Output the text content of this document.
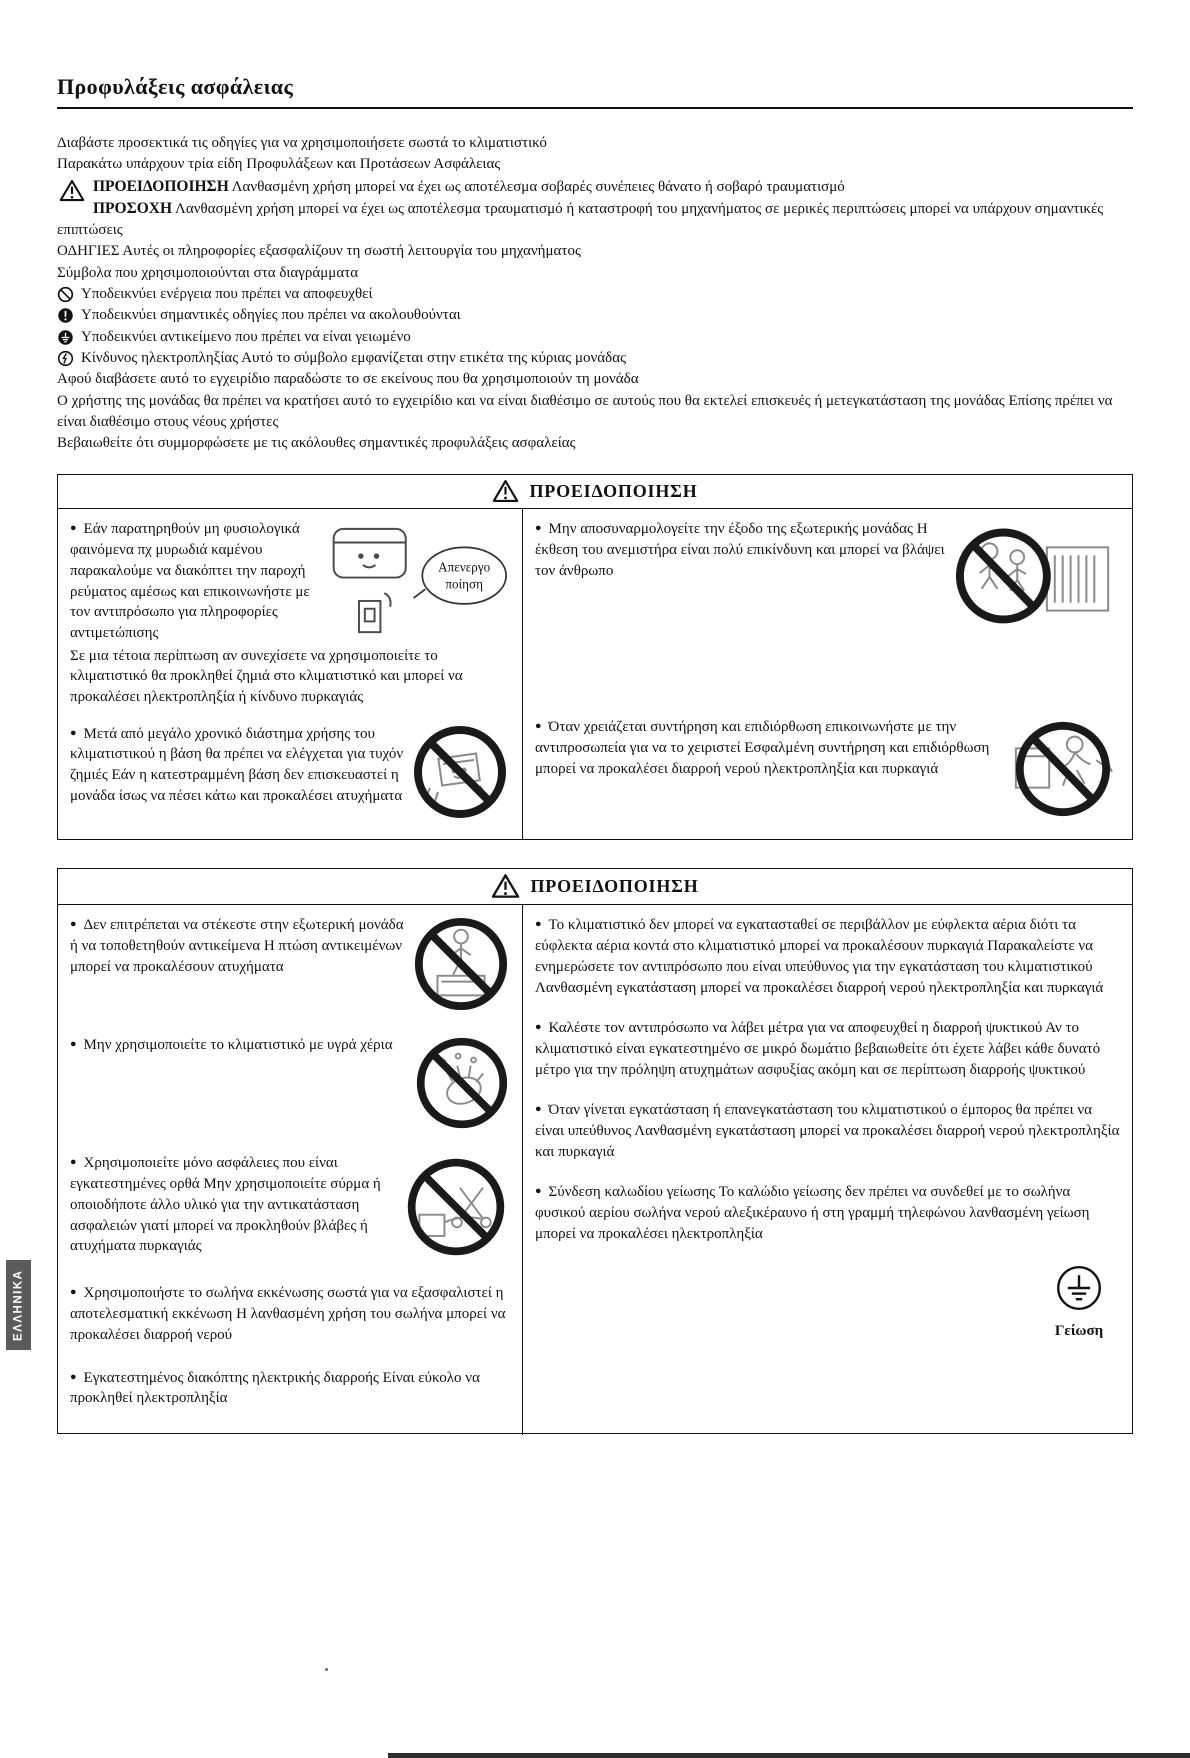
Προφυλάξεις ασφάλειας

Διαβάστε προσεκτικά τις οδηγίες για να χρησιμοποιήσετε σωστά το κλιματιστικό

Παρακάτω υπάρχουν τρία είδη Προφυλάξεων και Προτάσεων Ασφάλειας

ΠΡΟΕΙΔΟΠΟΙΗΣΗ Λανθασμένη χρήση μπορεί να έχει ως αποτέλεσμα σοβαρές συνέπειες θάνατο ή σοβαρό τραυματισμό

ΠΡΟΣΟΧΗ Λανθασμένη χρήση μπορεί να έχει ως αποτέλεσμα τραυματισμό ή καταστροφή του μηχανήματος σε μερικές περιπτώσεις μπορεί να υπάρχουν σημαντικές επιπτώσεις

ΟΔΗΓΙΕΣ Αυτές οι πληροφορίες εξασφαλίζουν τη σωστή λειτουργία του μηχανήματος

Σύμβολα που χρησιμοποιούνται στα διαγράμματα

Υποδεικνύει ενέργεια που πρέπει να αποφευχθεί

Υποδεικνύει σημαντικές οδηγίες που πρέπει να ακολουθούνται

Υποδεικνύει αντικείμενο που πρέπει να είναι γειωμένο

Κίνδυνος ηλεκτροπληξίας Αυτό το σύμβολο εμφανίζεται στην ετικέτα της κύριας μονάδας

Αφού διαβάσετε αυτό το εγχειρίδιο παραδώστε το σε εκείνους που θα χρησιμοποιούν τη μονάδα

Ο χρήστης της μονάδας θα πρέπει να κρατήσει αυτό το εγχειρίδιο και να είναι διαθέσιμο σε αυτούς που θα εκτελεί επισκευές ή μετεγκατάσταση της μονάδας Επίσης πρέπει να είναι διαθέσιμο στους νέους χρήστες

Βεβαιωθείτε ότι συμμορφώσετε με τις ακόλουθες σημαντικές προφυλάξεις ασφαλείας

ΠΡΟΕΙΔΟΠΟΙΗΣΗ

● Εάν παρατηρηθούν μη φυσιολογικά φαινόμενα πχ μυρωδιά καμένου παρακαλούμε να διακόπτει την παροχή ρεύματος αμέσως και επικοινωνήστε με τον αντιπρόσωπο για πληροφορίες αντιμετώπισης

Απενεργο
ποίηση

Σε μια τέτοια περίπτωση αν συνεχίσετε να χρησιμοποιείτε το κλιματιστικό θα προκληθεί ζημιά στο κλιματιστικό και μπορεί να προκαλέσει ηλεκτροπληξία ή κίνδυνο πυρκαγιάς

● Μετά από μεγάλο χρονικό διάστημα χρήσης του κλιματιστικού η βάση θα πρέπει να ελέγχεται για τυχόν ζημιές Εάν η κατεστραμμένη βάση δεν επισκευαστεί η μονάδα ίσως να πέσει κάτω και προκαλέσει ατυχήματα

● Μην αποσυναρμολογείτε την έξοδο της εξωτερικής μονάδας Η έκθεση του ανεμιστήρα είναι πολύ επικίνδυνη και μπορεί να βλάψει τον άνθρωπο

● Όταν χρειάζεται συντήρηση και επιδιόρθωση επικοινωνήστε με την αντιπροσωπεία για να το χειριστεί Εσφαλμένη συντήρηση και επιδιόρθωση μπορεί να προκαλέσει διαρροή νερού ηλεκτροπληξία και πυρκαγιά

ΠΡΟΕΙΔΟΠΟΙΗΣΗ

● Δεν επιτρέπεται να στέκεστε στην εξωτερική μονάδα ή να τοποθετηθούν αντικείμενα Η πτώση αντικειμένων μπορεί να προκαλέσουν ατυχήματα

● Μην χρησιμοποιείτε το κλιματιστικό με υγρά χέρια

● Χρησιμοποιείτε μόνο ασφάλειες που είναι εγκατεστημένες ορθά Μην χρησιμοποιείτε σύρμα ή οποιοδήποτε άλλο υλικό για την αντικατάσταση ασφαλειών γιατί μπορεί να προκληθούν βλάβες ή ατυχήματα πυρκαγιάς

● Χρησιμοποιήστε το σωλήνα εκκένωσης σωστά για να εξασφαλιστεί η αποτελεσματική εκκένωση Η λανθασμένη χρήση του σωλήνα μπορεί να προκαλέσει διαρροή νερού

● Εγκατεστημένος διακόπτης ηλεκτρικής διαρροής Είναι εύκολο να προκληθεί ηλεκτροπληξία

● Το κλιματιστικό δεν μπορεί να εγκατασταθεί σε περιβάλλον με εύφλεκτα αέρια διότι τα εύφλεκτα αέρια κοντά στο κλιματιστικό μπορεί να προκαλέσουν πυρκαγιά Παρακαλείστε να ενημερώσετε τον αντιπρόσωπο που είναι υπεύθυνος για την εγκατάσταση του κλιματιστικού Λανθασμένη εγκατάσταση μπορεί να προκαλέσει διαρροή νερού ηλεκτροπληξία και πυρκαγιά

● Καλέστε τον αντιπρόσωπο να λάβει μέτρα για να αποφευχθεί η διαρροή ψυκτικού Αν το κλιματιστικό είναι εγκατεστημένο σε μικρό δωμάτιο βεβαιωθείτε ότι έχετε λάβει κάθε δυνατό μέτρο για την πρόληψη ατυχημάτων ασφυξίας ακόμη και σε περίπτωση διαρροής ψυκτικού

● Όταν γίνεται εγκατάσταση ή επανεγκατάσταση του κλιματιστικού ο έμπορος θα πρέπει να είναι υπεύθυνος Λανθασμένη εγκατάσταση μπορεί να προκαλέσει διαρροή νερού ηλεκτροπληξία και πυρκαγιά

● Σύνδεση καλωδίου γείωσης Το καλώδιο γείωσης δεν πρέπει να συνδεθεί με το σωλήνα φυσικού αερίου σωλήνα νερού αλεξικέραυνο ή στη γραμμή τηλεφώνου λανθασμένη γείωση μπορεί να προκαλέσει ηλεκτροπληξία

Γείωση
ΕΛΛΗΝΙΚΑ
